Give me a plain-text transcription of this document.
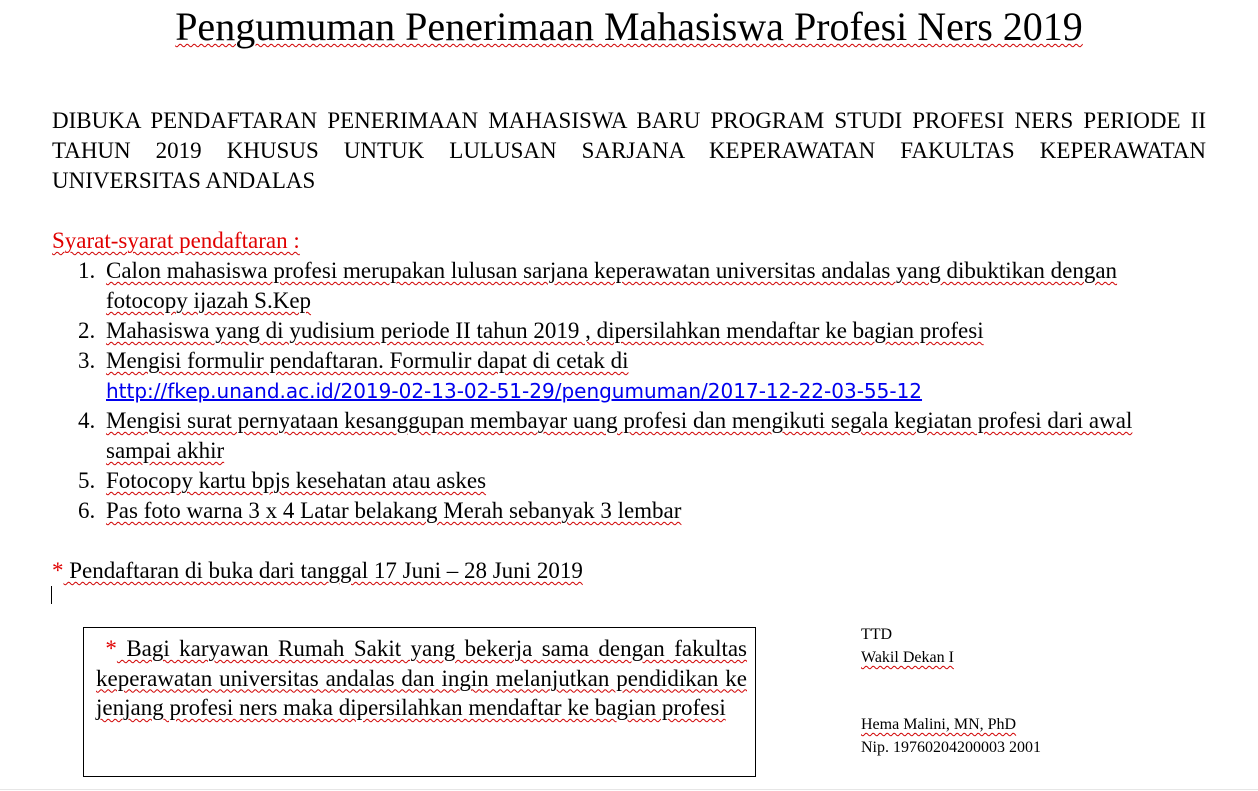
Pengumuman Penerimaan Mahasiswa Profesi Ners 2019
DIBUKA PENDAFTARAN PENERIMAAN MAHASISWA BARU PROGRAM STUDI PROFESI NERS PERIODE II TAHUN 2019 KHUSUS UNTUK LULUSAN SARJANA KEPERAWATAN FAKULTAS KEPERAWATAN UNIVERSITAS ANDALAS
Syarat-syarat pendaftaran :
1. Calon mahasiswa profesi merupakan lulusan sarjana keperawatan universitas andalas yang dibuktikan dengan fotocopy ijazah S.Kep
2. Mahasiswa yang di yudisium periode II tahun 2019 , dipersilahkan mendaftar ke bagian profesi
3. Mengisi formulir pendaftaran. Formulir dapat di cetak di
http://fkep.unand.ac.id/2019-02-13-02-51-29/pengumuman/2017-12-22-03-55-12
4. Mengisi surat pernyataan kesanggupan membayar uang profesi dan mengikuti segala kegiatan profesi dari awal sampai akhir
5. Fotocopy kartu bpjs kesehatan atau askes
6. Pas foto warna 3 x 4 Latar belakang Merah sebanyak 3 lembar
* Pendaftaran di buka dari tanggal 17 Juni – 28 Juni 2019
* Bagi karyawan Rumah Sakit yang bekerja sama dengan fakultas keperawatan universitas andalas dan ingin melanjutkan pendidikan ke jenjang profesi ners maka dipersilahkan mendaftar ke bagian profesi
TTD
Wakil Dekan I
Hema Malini, MN, PhD
Nip. 19760204200003 2001
